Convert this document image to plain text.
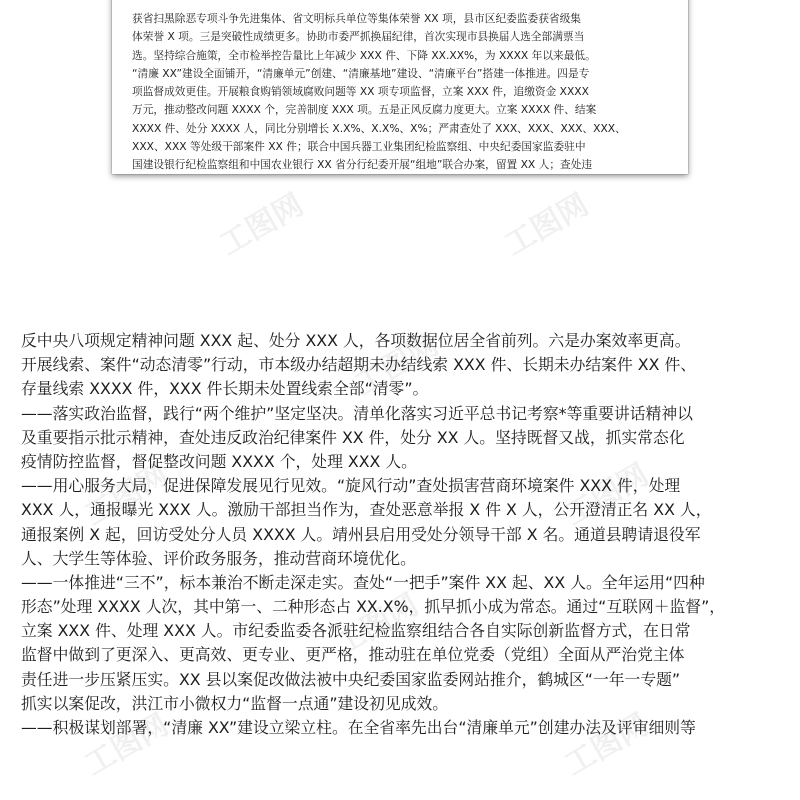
获省扫黑除恶专项斗争先进集体、省文明标兵单位等集体荣誉 XX 项，县市区纪委监委获省级集
体荣誉 X 项。三是突破性成绩更多。协助市委严抓换届纪律，首次实现市县换届人选全部满票当
选。坚持综合施策，全市检举控告量比上年减少 XXX 件、下降 XX.XX%，为 XXXX 年以来最低。
“清廉 XX”建设全面铺开，“清廉单元”创建、“清廉基地”建设、“清廉平台”搭建一体推进。四是专
项监督成效更佳。开展粮食购销领域腐败问题等 XX 项专项监督，立案 XXX 件，追缴资金 XXXX
万元，推动整改问题 XXXX 个，完善制度 XXX 项。五是正风反腐力度更大。立案 XXXX 件、结案
XXXX 件、处分 XXXX 人，同比分别增长 X.X%、X.X%、X%；严肃查处了 XXX、XXX、XXX、XXX、
XXX、XXX 等处级干部案件 XX 件；联合中国兵器工业集团纪检监察组、中央纪委国家监委驻中
国建设银行纪检监察组和中国农业银行 XX 省分行纪委开展“组地”联合办案，留置 XX 人；查处违
工图网	工图网
工图网
工图网	工图网
工图网
工图网	工图网
反中央八项规定精神问题 XXX 起、处分 XXX 人，各项数据位居全省前列。六是办案效率更高。
开展线索、案件“动态清零”行动，市本级办结超期未办结线索 XXX 件、长期未办结案件 XX 件、
存量线索 XXXX 件，XXX 件长期未处置线索全部“清零”。
——落实政治监督，践行“两个维护”坚定坚决。清单化落实习近平总书记考察*等重要讲话精神以
及重要指示批示精神，查处违反政治纪律案件 XX 件，处分 XX 人。坚持既督又战，抓实常态化
疫情防控监督，督促整改问题 XXXX 个，处理 XXX 人。
——用心服务大局，促进保障发展见行见效。“旋风行动”查处损害营商环境案件 XXX 件，处理
XXX 人，通报曝光 XXX 人。激励干部担当作为，查处恶意举报 X 件 X 人，公开澄清正名 XX 人，
通报案例 X 起，回访受处分人员 XXXX 人。靖州县启用受处分领导干部 X 名。通道县聘请退役军
人、大学生等体验、评价政务服务，推动营商环境优化。
——一体推进“三不”，标本兼治不断走深走实。查处“一把手”案件 XX 起、XX 人。全年运用“四种
形态”处理 XXXX 人次，其中第一、二种形态占 XX.X%，抓早抓小成为常态。通过“互联网＋监督”，
立案 XXX 件、处理 XXX 人。市纪委监委各派驻纪检监察组结合各自实际创新监督方式，在日常
监督中做到了更深入、更高效、更专业、更严格，推动驻在单位党委（党组）全面从严治党主体
责任进一步压紧压实。XX 县以案促改做法被中央纪委国家监委网站推介，鹤城区“一年一专题”
抓实以案促改，洪江市小微权力“监督一点通”建设初见成效。
——积极谋划部署，“清廉 XX”建设立梁立柱。在全省率先出台“清廉单元”创建办法及评审细则等
